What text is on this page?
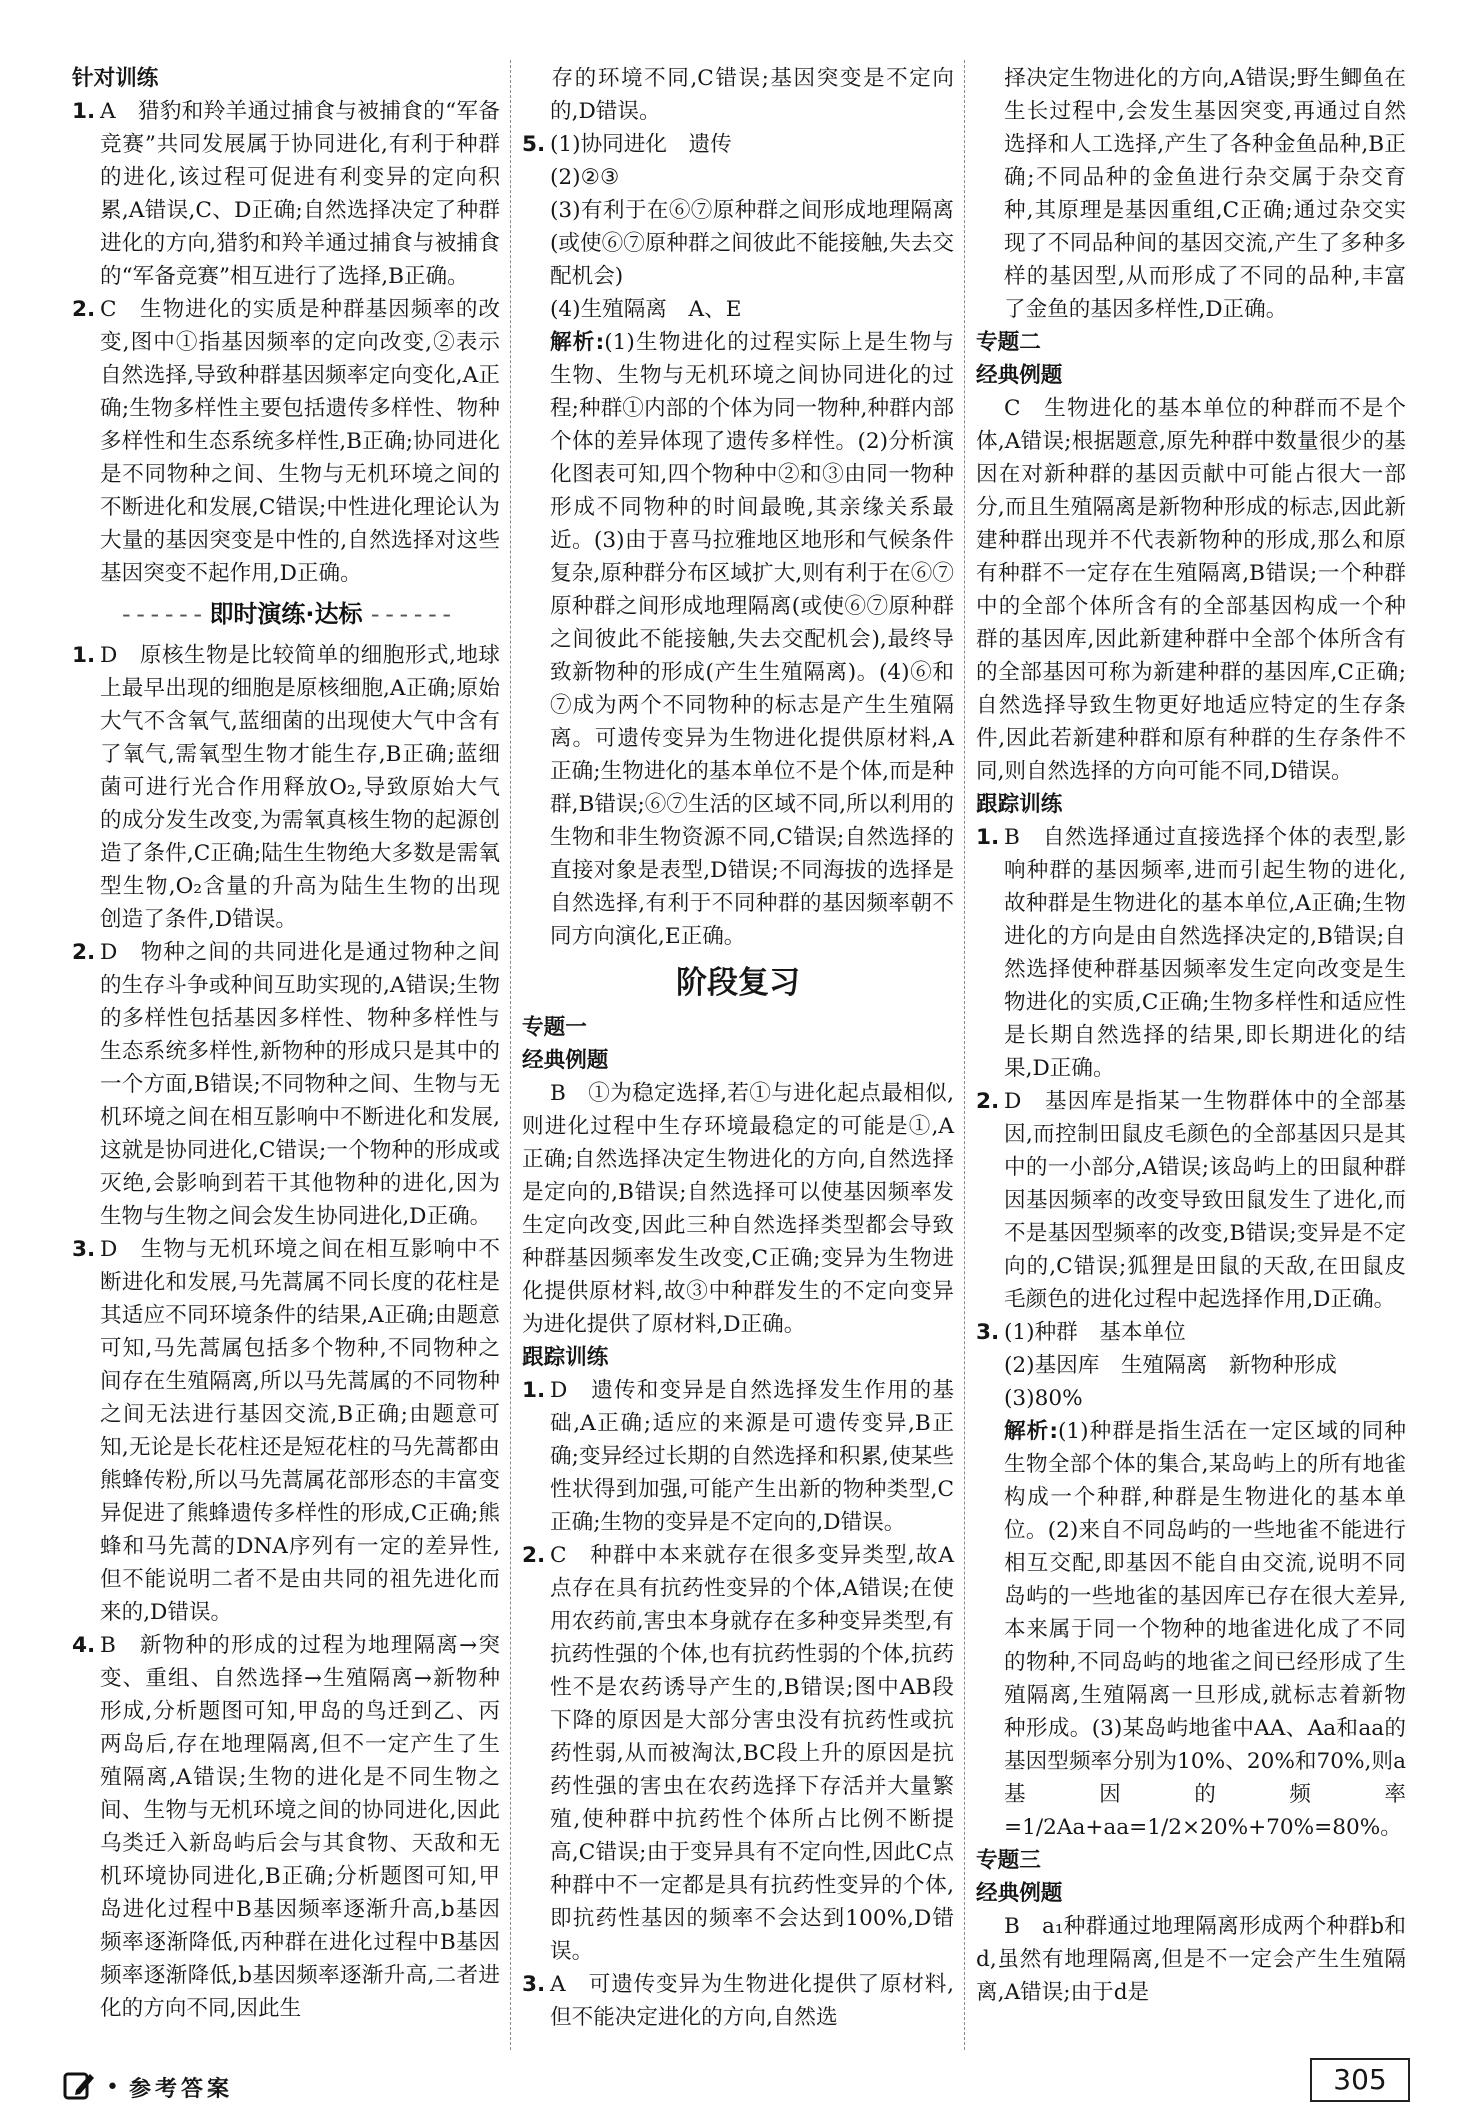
针对训练

1. A　猎豹和羚羊通过捕食与被捕食的“军备竞赛”共同发展属于协同进化,有利于种群的进化,该过程可促进有利变异的定向积累,A错误,C、D正确;自然选择决定了种群进化的方向,猎豹和羚羊通过捕食与被捕食的“军备竞赛”相互进行了选择,B正确。

2. C　生物进化的实质是种群基因频率的改变,图中①指基因频率的定向改变,②表示自然选择,导致种群基因频率定向变化,A正确;生物多样性主要包括遗传多样性、物种多样性和生态系统多样性,B正确;协同进化是不同物种之间、生物与无机环境之间的不断进化和发展,C错误;中性进化理论认为大量的基因突变是中性的,自然选择对这些基因突变不起作用,D正确。

- - - - - - 即时演练·达标 - - - - - -

1. D　原核生物是比较简单的细胞形式,地球上最早出现的细胞是原核细胞,A正确;原始大气不含氧气,蓝细菌的出现使大气中含有了氧气,需氧型生物才能生存,B正确;蓝细菌可进行光合作用释放O₂,导致原始大气的成分发生改变,为需氧真核生物的起源创造了条件,C正确;陆生生物绝大多数是需氧型生物,O₂含量的升高为陆生生物的出现创造了条件,D错误。

2. D　物种之间的共同进化是通过物种之间的生存斗争或种间互助实现的,A错误;生物的多样性包括基因多样性、物种多样性与生态系统多样性,新物种的形成只是其中的一个方面,B错误;不同物种之间、生物与无机环境之间在相互影响中不断进化和发展,这就是协同进化,C错误;一个物种的形成或灭绝,会影响到若干其他物种的进化,因为生物与生物之间会发生协同进化,D正确。

3. D　生物与无机环境之间在相互影响中不断进化和发展,马先蒿属不同长度的花柱是其适应不同环境条件的结果,A正确;由题意可知,马先蒿属包括多个物种,不同物种之间存在生殖隔离,所以马先蒿属的不同物种之间无法进行基因交流,B正确;由题意可知,无论是长花柱还是短花柱的马先蒿都由熊蜂传粉,所以马先蒿属花部形态的丰富变异促进了熊蜂遗传多样性的形成,C正确;熊蜂和马先蒿的DNA序列有一定的差异性,但不能说明二者不是由共同的祖先进化而来的,D错误。

4. B　新物种的形成的过程为地理隔离→突变、重组、自然选择→生殖隔离→新物种形成,分析题图可知,甲岛的鸟迁到乙、丙两岛后,存在地理隔离,但不一定产生了生殖隔离,A错误;生物的进化是不同生物之间、生物与无机环境之间的协同进化,因此乌类迁入新岛屿后会与其食物、天敌和无机环境协同进化,B正确;分析题图可知,甲岛进化过程中B基因频率逐渐升高,b基因频率逐渐降低,丙种群在进化过程中B基因频率逐渐降低,b基因频率逐渐升高,二者进化的方向不同,因此生

存的环境不同,C错误;基因突变是不定向的,D错误。

5. (1)协同进化　遗传

(2)②③

(3)有利于在⑥⑦原种群之间形成地理隔离(或使⑥⑦原种群之间彼此不能接触,失去交配机会)

(4)生殖隔离　A、E

解析:(1)生物进化的过程实际上是生物与生物、生物与无机环境之间协同进化的过程;种群①内部的个体为同一物种,种群内部个体的差异体现了遗传多样性。(2)分析演化图表可知,四个物种中②和③由同一物种形成不同物种的时间最晚,其亲缘关系最近。(3)由于喜马拉雅地区地形和气候条件复杂,原种群分布区域扩大,则有利于在⑥⑦原种群之间形成地理隔离(或使⑥⑦原种群之间彼此不能接触,失去交配机会),最终导致新物种的形成(产生生殖隔离)。(4)⑥和⑦成为两个不同物种的标志是产生生殖隔离。可遗传变异为生物进化提供原材料,A正确;生物进化的基本单位不是个体,而是种群,B错误;⑥⑦生活的区域不同,所以利用的生物和非生物资源不同,C错误;自然选择的直接对象是表型,D错误;不同海拔的选择是自然选择,有利于不同种群的基因频率朝不同方向演化,E正确。

阶段复习

专题一

经典例题

B　①为稳定选择,若①与进化起点最相似,则进化过程中生存环境最稳定的可能是①,A正确;自然选择决定生物进化的方向,自然选择是定向的,B错误;自然选择可以使基因频率发生定向改变,因此三种自然选择类型都会导致种群基因频率发生改变,C正确;变异为生物进化提供原材料,故③中种群发生的不定向变异为进化提供了原材料,D正确。

跟踪训练

1. D　遗传和变异是自然选择发生作用的基础,A正确;适应的来源是可遗传变异,B正确;变异经过长期的自然选择和积累,使某些性状得到加强,可能产生出新的物种类型,C正确;生物的变异是不定向的,D错误。

2. C　种群中本来就存在很多变异类型,故A点存在具有抗药性变异的个体,A错误;在使用农药前,害虫本身就存在多种变异类型,有抗药性强的个体,也有抗药性弱的个体,抗药性不是农药诱导产生的,B错误;图中AB段下降的原因是大部分害虫没有抗药性或抗药性弱,从而被淘汰,BC段上升的原因是抗药性强的害虫在农药选择下存活并大量繁殖,使种群中抗药性个体所占比例不断提高,C错误;由于变异具有不定向性,因此C点种群中不一定都是具有抗药性变异的个体,即抗药性基因的频率不会达到100%,D错误。

3. A　可遗传变异为生物进化提供了原材料,但不能决定进化的方向,自然选

择决定生物进化的方向,A错误;野生鲫鱼在生长过程中,会发生基因突变,再通过自然选择和人工选择,产生了各种金鱼品种,B正确;不同品种的金鱼进行杂交属于杂交育种,其原理是基因重组,C正确;通过杂交实现了不同品种间的基因交流,产生了多种多样的基因型,从而形成了不同的品种,丰富了金鱼的基因多样性,D正确。

专题二

经典例题

C　生物进化的基本单位的种群而不是个体,A错误;根据题意,原先种群中数量很少的基因在对新种群的基因贡献中可能占很大一部分,而且生殖隔离是新物种形成的标志,因此新建种群出现并不代表新物种的形成,那么和原有种群不一定存在生殖隔离,B错误;一个种群中的全部个体所含有的全部基因构成一个种群的基因库,因此新建种群中全部个体所含有的全部基因可称为新建种群的基因库,C正确;自然选择导致生物更好地适应特定的生存条件,因此若新建种群和原有种群的生存条件不同,则自然选择的方向可能不同,D错误。

跟踪训练

1. B　自然选择通过直接选择个体的表型,影响种群的基因频率,进而引起生物的进化,故种群是生物进化的基本单位,A正确;生物进化的方向是由自然选择决定的,B错误;自然选择使种群基因频率发生定向改变是生物进化的实质,C正确;生物多样性和适应性是长期自然选择的结果,即长期进化的结果,D正确。

2. D　基因库是指某一生物群体中的全部基因,而控制田鼠皮毛颜色的全部基因只是其中的一小部分,A错误;该岛屿上的田鼠种群因基因频率的改变导致田鼠发生了进化,而不是基因型频率的改变,B错误;变异是不定向的,C错误;狐狸是田鼠的天敌,在田鼠皮毛颜色的进化过程中起选择作用,D正确。

3. (1)种群　基本单位

(2)基因库　生殖隔离　新物种形成

(3)80%

解析:(1)种群是指生活在一定区域的同种生物全部个体的集合,某岛屿上的所有地雀构成一个种群,种群是生物进化的基本单位。(2)来自不同岛屿的一些地雀不能进行相互交配,即基因不能自由交流,说明不同岛屿的一些地雀的基因库已存在很大差异,本来属于同一个物种的地雀进化成了不同的物种,不同岛屿的地雀之间已经形成了生殖隔离,生殖隔离一旦形成,就标志着新物种形成。(3)某岛屿地雀中AA、Aa和aa的基因型频率分别为10%、20%和70%,则a基因的频率=1/2Aa+aa=1/2×20%+70%=80%。

专题三

经典例题

B　a₁种群通过地理隔离形成两个种群b和d,虽然有地理隔离,但是不一定会产生生殖隔离,A错误;由于d是

• 参考答案	305
